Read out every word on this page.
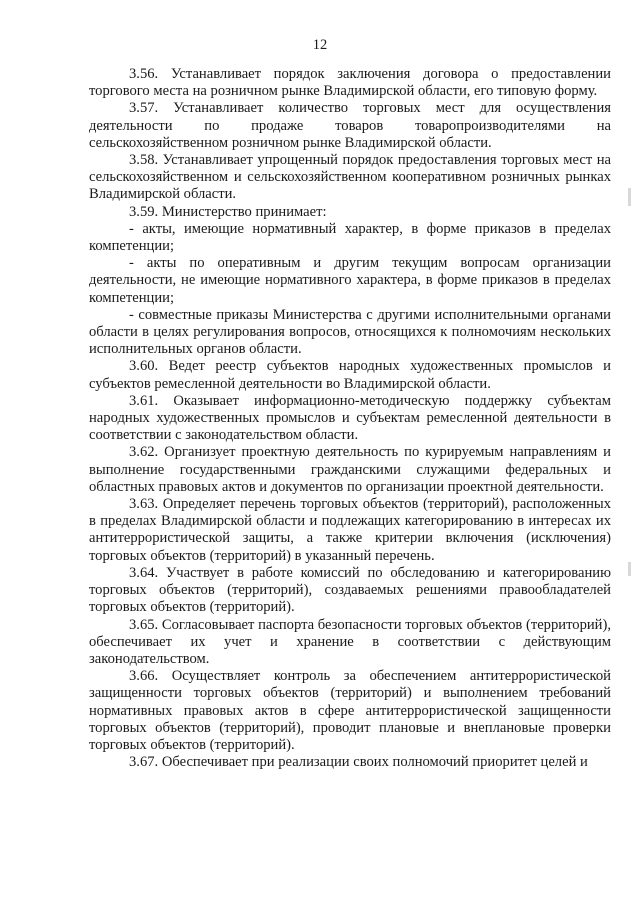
12

3.56. Устанавливает порядок заключения договора о предоставлении торгового места на розничном рынке Владимирской области, его типовую форму.

3.57. Устанавливает количество торговых мест для осуществления деятельности по продаже товаров товаропроизводителями на сельскохозяйственном розничном рынке Владимирской области.

3.58. Устанавливает упрощенный порядок предоставления торговых мест на сельскохозяйственном и сельскохозяйственном кооперативном розничных рынках Владимирской области.

3.59. Министерство принимает:

- акты, имеющие нормативный характер, в форме приказов в пределах компетенции;

- акты по оперативным и другим текущим вопросам организации деятельности, не имеющие нормативного характера, в форме приказов в пределах компетенции;

- совместные приказы Министерства с другими исполнительными органами области в целях регулирования вопросов, относящихся к полномочиям нескольких исполнительных органов области.

3.60. Ведет реестр субъектов народных художественных промыслов и субъектов ремесленной деятельности во Владимирской области.

3.61. Оказывает информационно-методическую поддержку субъектам народных художественных промыслов и субъектам ремесленной деятельности в соответствии с законодательством области.

3.62. Организует проектную деятельность по курируемым направлениям и выполнение государственными гражданскими служащими федеральных и областных правовых актов и документов по организации проектной деятельности.

3.63. Определяет перечень торговых объектов (территорий), расположенных в пределах Владимирской области и подлежащих категорированию в интересах их антитеррористической защиты, а также критерии включения (исключения) торговых объектов (территорий) в указанный перечень.

3.64. Участвует в работе комиссий по обследованию и категорированию торговых объектов (территорий), создаваемых решениями правообладателей торговых объектов (территорий).

3.65. Согласовывает паспорта безопасности торговых объектов (территорий), обеспечивает их учет и хранение в соответствии с действующим законодательством.

3.66. Осуществляет контроль за обеспечением антитеррористической защищенности торговых объектов (территорий) и выполнением требований нормативных правовых актов в сфере антитеррористической защищенности торговых объектов (территорий), проводит плановые и внеплановые проверки торговых объектов (территорий).

3.67. Обеспечивает при реализации своих полномочий приоритет целей и
